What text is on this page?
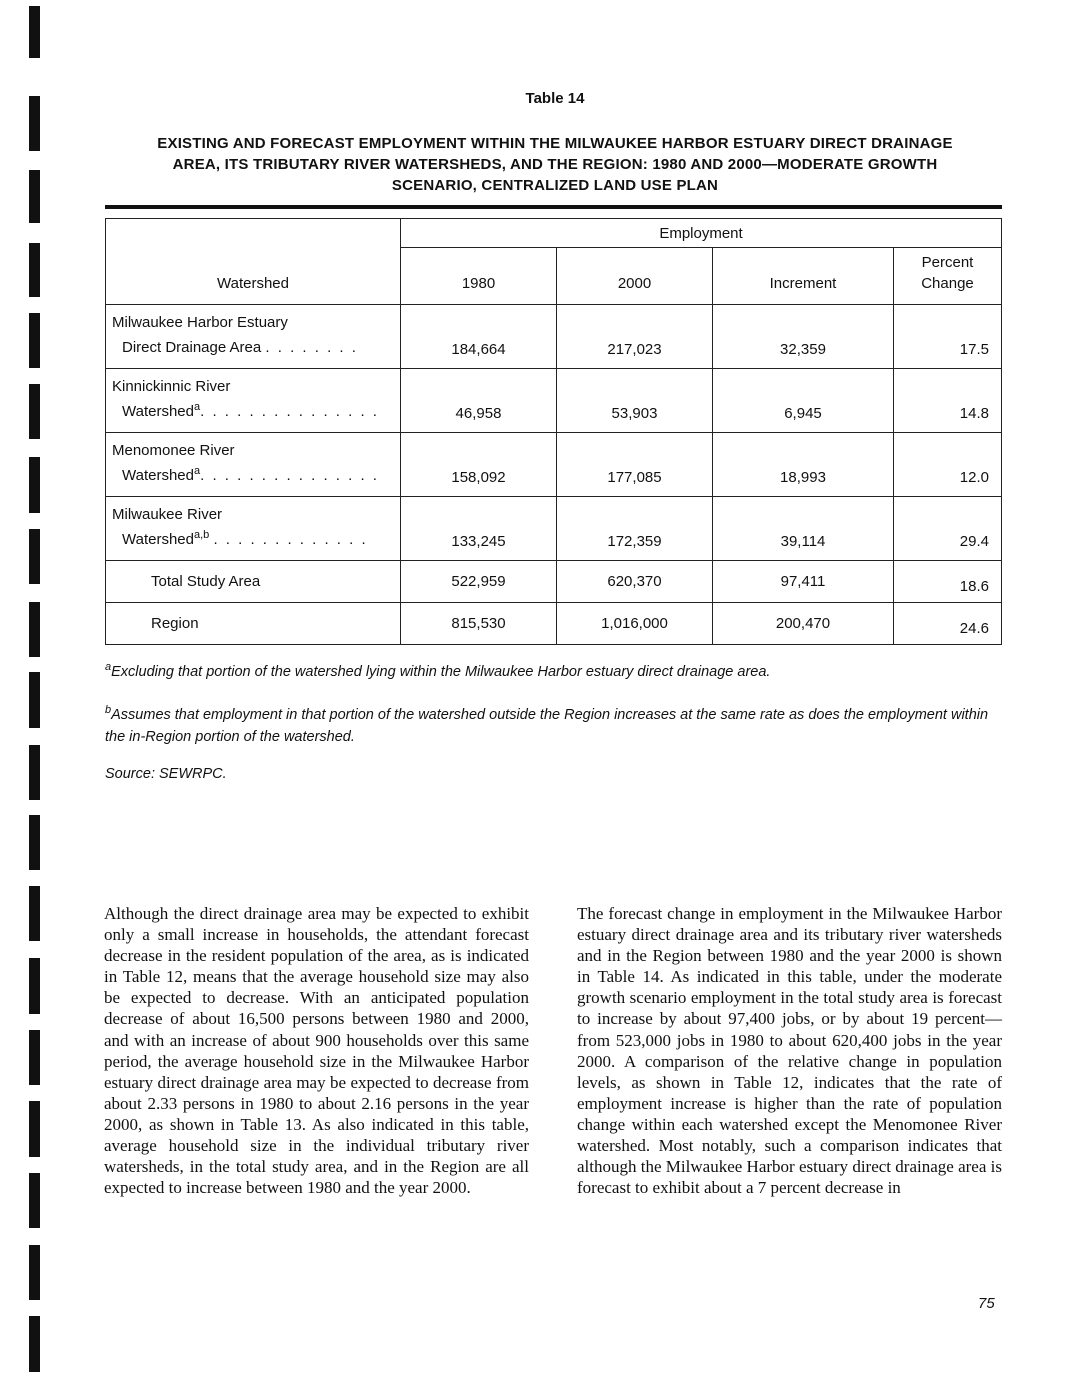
Table 14
EXISTING AND FORECAST EMPLOYMENT WITHIN THE MILWAUKEE HARBOR ESTUARY DIRECT DRAINAGE AREA, ITS TRIBUTARY RIVER WATERSHEDS, AND THE REGION: 1980 AND 2000—MODERATE GROWTH SCENARIO, CENTRALIZED LAND USE PLAN
Watershed	Employment			
	1980	2000	Increment	Percent
Change

Milwaukee Harbor Estuary
Direct Drainage Area . . . . . . . .	184,664	217,023	32,359	17.5

Kinnickinnic River
Watershed$^a$. . . . . . . . . . . . . . .	46,958	53,903	6,945	14.8

Menomonee River
Watershed$^a$. . . . . . . . . . . . . . .	158,092	177,085	18,993	12.0

Milwaukee River
Watershed$^{a,b}$ . . . . . . . . . . . . .	133,245	172,359	39,114	29.4
Total Study Area	522,959	620,370	97,411	18.6
Region	815,530	1,016,000	200,470	24.6
$^a$Excluding that portion of the watershed lying within the Milwaukee Harbor estuary direct drainage area.
$^b$Assumes that employment in that portion of the watershed outside the Region increases at the same rate as does the employment within the in-Region portion of the watershed.
Source: SEWRPC.
Although the direct drainage area may be expected to exhibit only a small increase in households, the attendant forecast decrease in the resident population of the area, as is indicated in Table 12, means that the average household size may also be expected to decrease. With an anticipated population decrease of about 16,500 persons between 1980 and 2000, and with an increase of about 900 households over this same period, the average household size in the Milwaukee Harbor estuary direct drainage area may be expected to decrease from about 2.33 persons in 1980 to about 2.16 persons in the year 2000, as shown in Table 13. As also indicated in this table, average household size in the individual tributary river watersheds, in the total study area, and in the Region are all expected to increase between 1980 and the year 2000.
The forecast change in employment in the Milwaukee Harbor estuary direct drainage area and its tributary river watersheds and in the Region between 1980 and the year 2000 is shown in Table 14. As indicated in this table, under the moderate growth scenario employment in the total study area is forecast to increase by about 97,400 jobs, or by about 19 percent—from 523,000 jobs in 1980 to about 620,400 jobs in the year 2000. A comparison of the relative change in population levels, as shown in Table 12, indicates that the rate of employment increase is higher than the rate of population change within each watershed except the Menomonee River watershed. Most notably, such a comparison indicates that although the Milwaukee Harbor estuary direct drainage area is forecast to exhibit about a 7 percent decrease in
75
